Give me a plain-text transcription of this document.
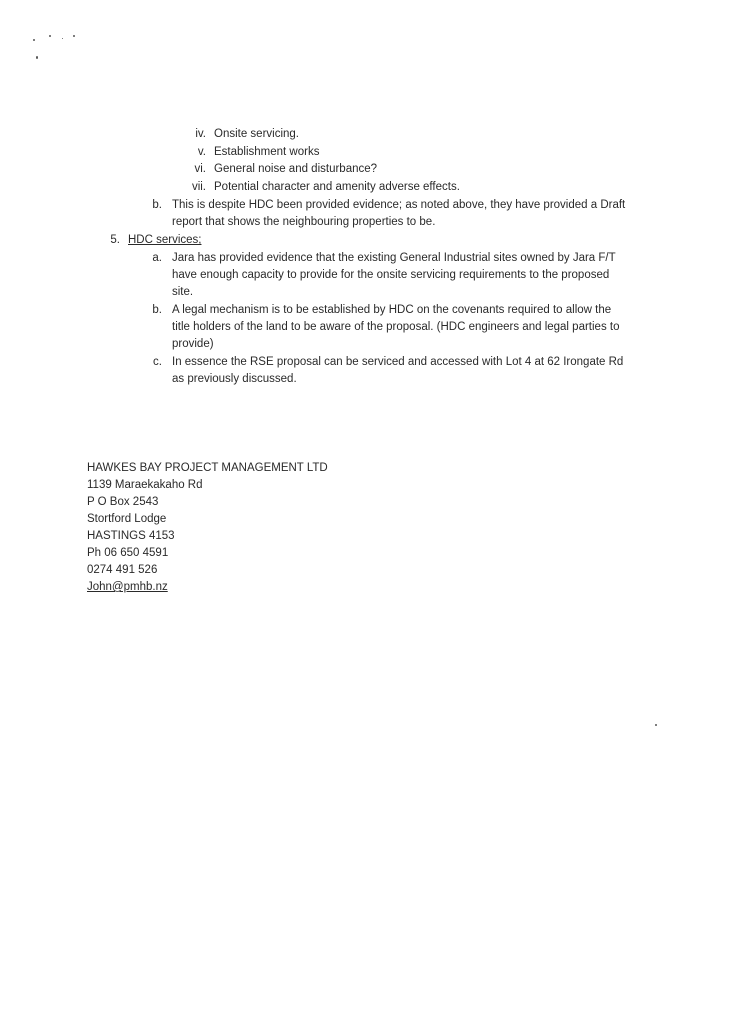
iv. Onsite servicing.
v. Establishment works
vi. General noise and disturbance?
vii. Potential character and amenity adverse effects.
b. This is despite HDC been provided evidence; as noted above, they have provided a Draft
report that shows the neighbouring properties to be.
5. HDC services;
a. Jara has provided evidence that the existing General Industrial sites owned by Jara F/T
have enough capacity to provide for the onsite servicing requirements to the proposed
site.
b. A legal mechanism is to be established by HDC on the covenants required to allow the
title holders of the land to be aware of the proposal. (HDC engineers and legal parties to
provide)
c. In essence the RSE proposal can be serviced and accessed with Lot 4 at 62 Irongate Rd
as previously discussed.
HAWKES BAY PROJECT MANAGEMENT LTD
1139 Maraekakaho Rd
P O Box 2543
Stortford Lodge
HASTINGS 4153
Ph 06 650 4591
0274 491 526
John@pmhb.nz
